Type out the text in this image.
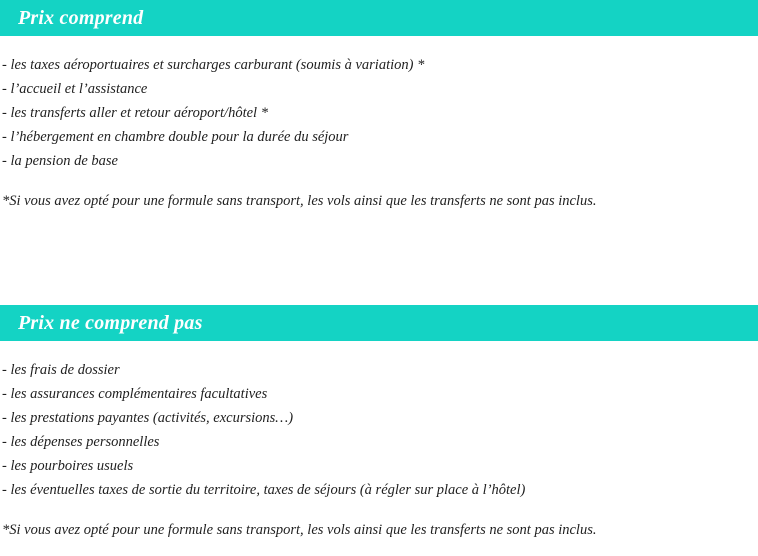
Prix comprend
- les taxes aéroportuaires et surcharges carburant (soumis à variation) *
- l’accueil et l’assistance
- les transferts aller et retour aéroport/hôtel *
- l’hébergement en chambre double pour la durée du séjour
- la pension de base

*Si vous avez opté pour une formule sans transport, les vols ainsi que les transferts ne sont pas inclus.

Prix ne comprend pas
- les frais de dossier
- les assurances complémentaires facultatives
- les prestations payantes (activités, excursions…)
- les dépenses personnelles
- les pourboires usuels
- les éventuelles taxes de sortie du territoire, taxes de séjours (à régler sur place à l’hôtel)

*Si vous avez opté pour une formule sans transport, les vols ainsi que les transferts ne sont pas inclus.
